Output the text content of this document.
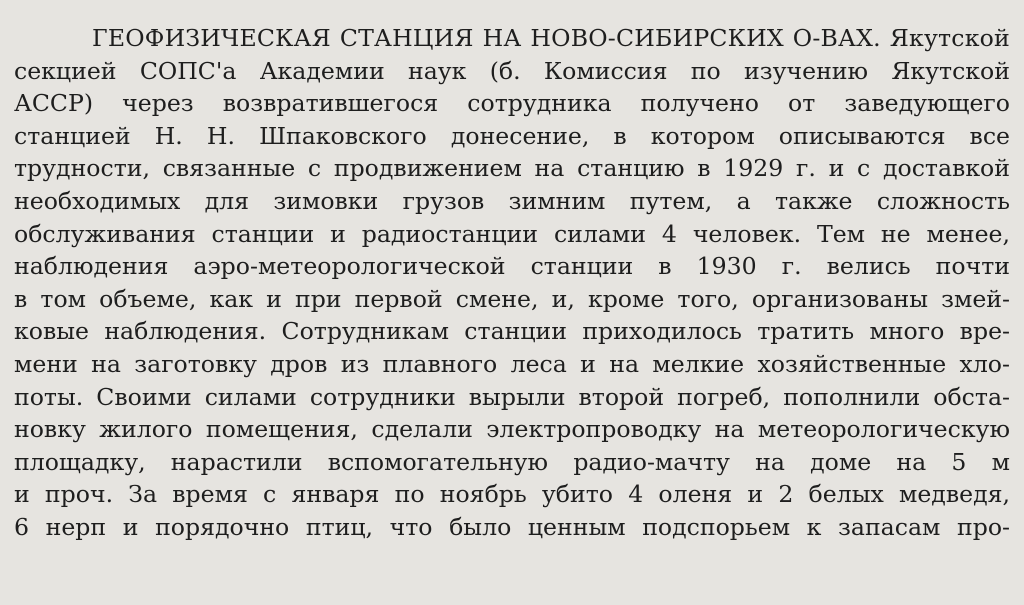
ГЕОФИЗИЧЕСКАЯ СТАНЦИЯ НА НОВО-СИБИРСКИХ О-ВАХ. Якутской
секцией СОПС'а Академии наук (б. Комиссия по изучению Якутской
АССР) через возвратившегося сотрудника получено от заведующего
станцией Н. Н. Шпаковского донесение, в котором описываются все
трудности, связанные с продвижением на станцию в 1929 г. и с доставкой
необходимых для зимовки грузов зимним путем, а также сложность
обслуживания станции и радиостанции силами 4 человек. Тем не менее,
наблюдения аэро-метеорологической станции в 1930 г. велись почти
в том объеме, как и при первой смене, и, кроме того, организованы змей-
ковые наблюдения. Сотрудникам станции приходилось тратить много вре-
мени на заготовку дров из плавного леса и на мелкие хозяйственные хло-
поты. Своими силами сотрудники вырыли второй погреб, пополнили обста-
новку жилого помещения, сделали электропроводку на метеорологическую
площадку, нарастили вспомогательную радио-мачту на доме на 5 м
и проч. За время с января по ноябрь убито 4 оленя и 2 белых медведя,
6 нерп и порядочно птиц, что было ценным подспорьем к запасам про-
